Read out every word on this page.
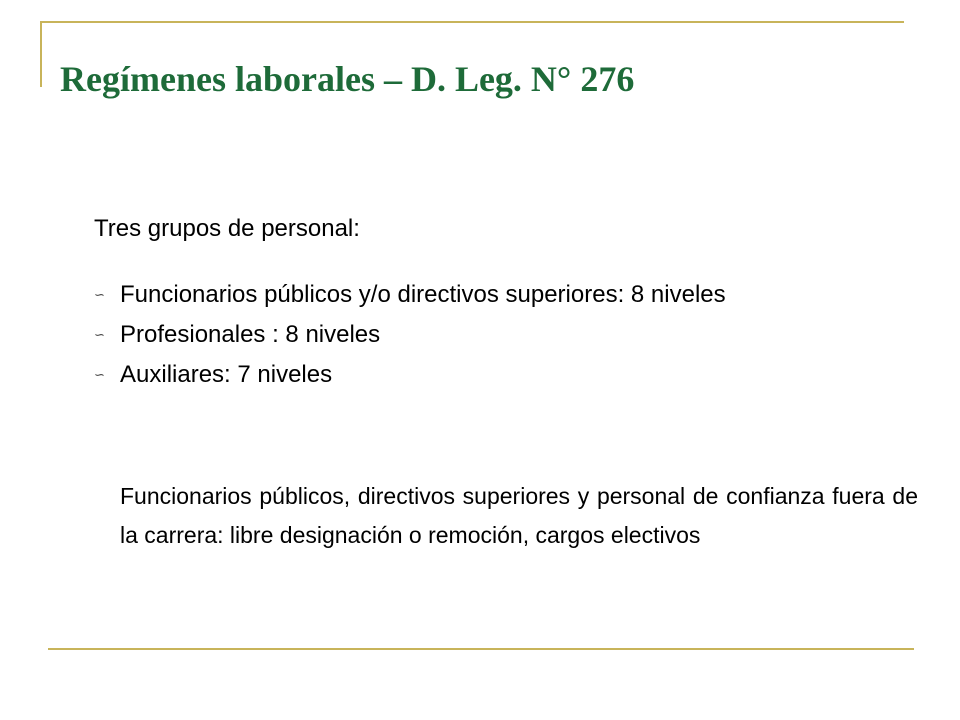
Regímenes laborales – D. Leg. N° 276

Tres grupos de personal:

∽ Funcionarios públicos y/o directivos superiores: 8 niveles
∽ Profesionales : 8 niveles
∽ Auxiliares: 7 niveles

Funcionarios públicos, directivos superiores y personal de confianza fuera de la carrera: libre designación o remoción, cargos electivos
